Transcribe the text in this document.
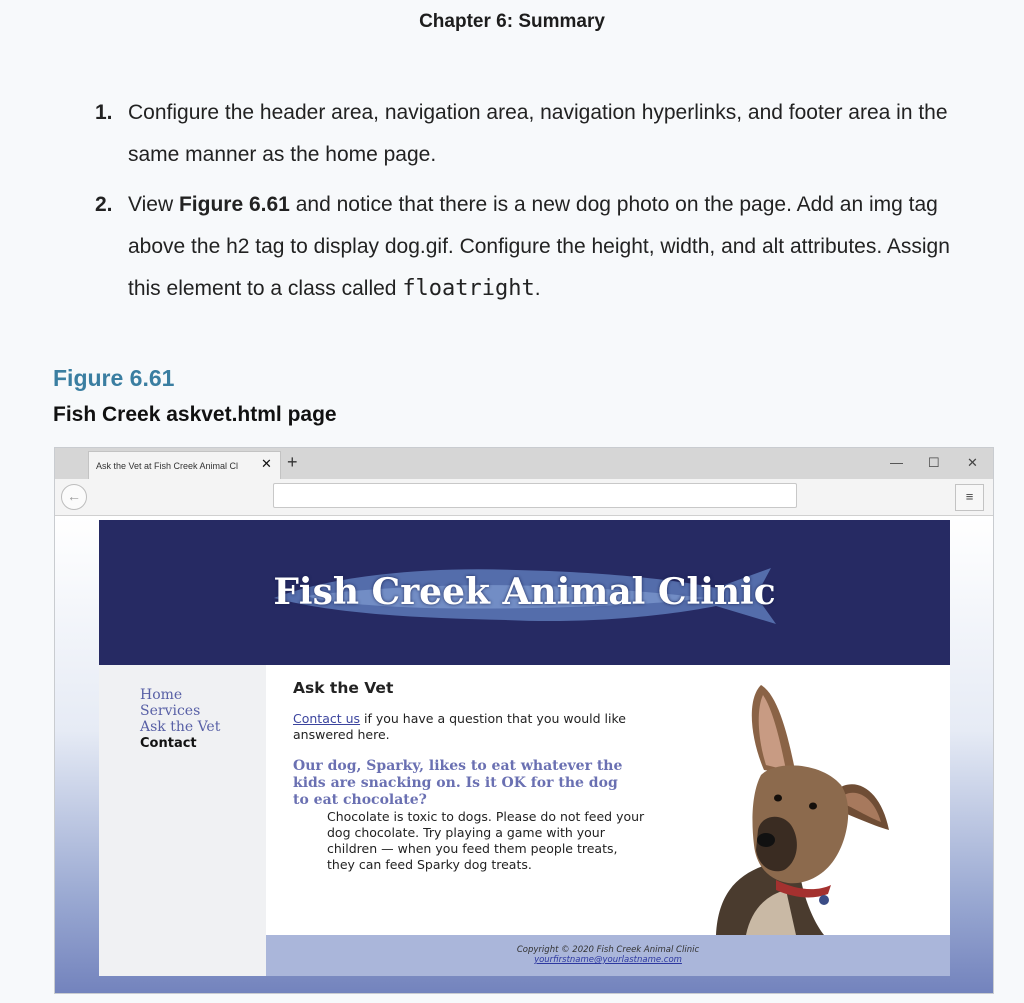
Chapter 6: Summary
1. Configure the header area, navigation area, navigation hyperlinks, and footer area in the same manner as the home page.
2. View Figure 6.61 and notice that there is a new dog photo on the page. Add an img tag above the h2 tag to display dog.gif. Configure the height, width, and alt attributes. Assign this element to a class called floatright.
Figure 6.61
Fish Creek askvet.html page
Ask the Vet at Fish Creek Animal Cl	✕ +	— ☐ ✕
←	≡
Fish Creek Animal Clinic
Home
Services
Ask the Vet
Contact
Ask the Vet
Contact us if you have a question that you would like answered here.
Our dog, Sparky, likes to eat whatever the kids are snacking on. Is it OK for the dog to eat chocolate?
Chocolate is toxic to dogs. Please do not feed your dog chocolate. Try playing a game with your children — when you feed them people treats, they can feed Sparky dog treats.
Copyright © 2020 Fish Creek Animal Clinic
yourfirstname@yourlastname.com
